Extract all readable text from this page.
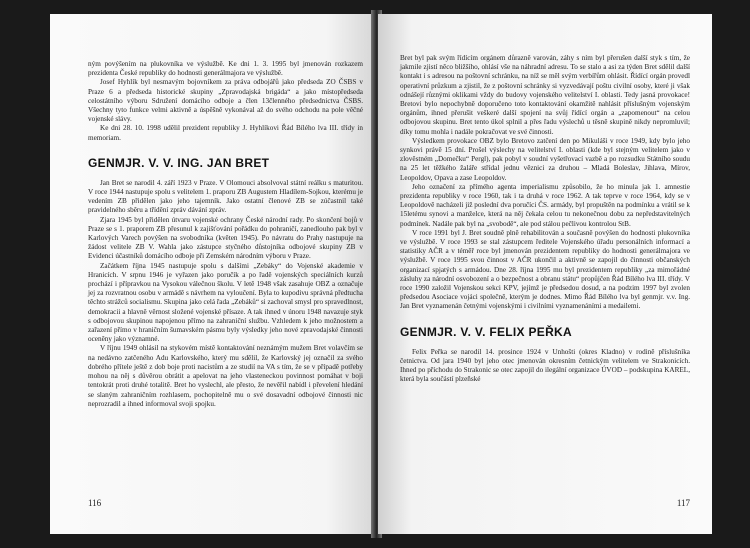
ným povýšením na plukovníka ve výslužbě. Ke dni 1. 3. 1995 byl jmenován rozkazem prezidenta České republiky do hodnosti generálmajora ve výslužbě.

Josef Hyhlík byl nesmavým bojovníkem za práva odbojářů jako předseda ZO ČSBS v Praze 6 a předseda historické skupiny „Zpravodajská brigáda“ a jako místopředseda celostátního výboru Sdružení domácího odboje a člen 13členného předsednictva ČSBS. Všechny tyto funkce velmi aktivně a úspěšně vykonával až do svého odchodu na pole věčné vojenské slávy.

Ke dni 28. 10. 1998 udělil prezident republiky J. Hyhlíkovi Řád Bílého lva III. třídy in memoriam.

GENMJR. V. V. ING. JAN BRET

Jan Bret se narodil 4. září 1923 v Praze. V Olomouci absolvoval státní reálku s maturitou. V roce 1944 nastupuje spolu s velitelem 1. praporu ZB Augustem Hladílem-Sojkou, kterému je vedením ZB přidělen jako jeho tajemník. Jako ostatní členové ZB se zúčastnil také pravidelného sběru a třídění zpráv dávání zpráv.

Zjara 1945 byl přidělen útvaru vojenské ochrany České národní rady. Po skončení bojů v Praze se s 1. praporem ZB přesunul k zajišťování pořádku do pohraničí, zanedlouho pak byl v Karlových Varech povýšen na svobodníka (květen 1945). Po návratu do Prahy nastupuje na žádost velitele ZB V. Wahla jako zástupce styčného důstojníka odbojové skupiny ZB v Evidenci účastníků domácího odboje při Zemském národním výboru v Praze.

Začátkem října 1945 nastupuje spolu s dalšími „Zebáky“ do Vojenské akademie v Hranicích. V srpnu 1946 je vyřazen jako poručík a po řadě vojenských speciálních kurzů prochází i přípravkou na Vysokou válečnou školu. V letě 1948 však zasahuje OBZ a označuje jej za rozvratnou osobu v armádě s návrhem na vyloučení. Byla to kupodivu správná předtucha těchto strážců socialismu. Skupina jako celá řada „Zebáků“ si zachoval smysl pro spravedlnost, demokracii a hlavně věrnost složené vojenské přísaze. A tak ihned v únoru 1948 navazuje styk s odbojovou skupinou napojenou přímo na zahraniční službu. Vzhledem k jeho možnostem a zařazení přímo v hraničním šumavském pásmu byly výsledky jeho nové zpravodajské činnosti oceněny jako významné.

V říjnu 1949 ohlásil na stykovém místě kontaktování neznámým mužem Bret volavčím se na nedávno zatčeného Adu Karlovského, který mu sdělil, že Karlovský jej označil za svého dobrého přítele ještě z dob boje proti nacistům a ze studií na VA s tím, že se v případě potřeby mohou na něj s důvěrou obrátit a apelovat na jeho vlasteneckou povinnost pomáhat v boji tentokrát proti druhé totalitě. Bret ho vyslechl, ale přesto, že nevěřil nabídl i převelení hledání se slaným zahraničním rozhlasem, pochopitelně mu o své dosavadní odbojové činnosti nic neprozradil a ihned informoval svoji spojku.

116

Bret byl pak svým řídícím orgánem důrazně varován, záhy s ním byl přerušen další styk s tím, že jakmile zjistí něco bližšího, ohlásí vše na náhradní adresu. To se stalo a asi za týden Bret sdělil další kontakt i s adresou na poštovní schránku, na níž se měl svým verbířům ohlásit. Řídící orgán provedl operativní průzkum a zjistil, že z poštovní schránky si vyzvedávají poštu civilní osoby, které ji však odnášejí různými oklikami vždy do budovy vojenského velitelství I. oblasti. Tedy jasná provokace! Bretovi bylo nepochybně doporučeno toto kontaktování okamžitě nahlásit příslušným vojenským orgánům, ihned přerušit veškeré další spojení na svůj řídící orgán a „zapomenout“ na celou odbojovou skupinu. Bret tento úkol splnil a přes řadu výslechů u těsně skupině nikdy nepromluvil; díky tomu mohla i nadále pokračovat ve své činnosti.

Výsledkem provokace OBZ bylo Bretovo zatčení den po Mikuláši v roce 1949, kdy bylo jeho synkovi právě 15 dní. Prošel výslechy na velitelství I. oblasti (kde byl stejným velitelem jako v zlověstném „Domečku“ Pergl), pak pobyl v soudní vyšetřovací vazbě a po rozsudku Státního soudu na 25 let těžkého žaláře střídal jednu věznici za druhou – Mladá Boleslav, Jihlava, Mírov, Leopoldov, Opava a zase Leopoldov.

Jeho označení za přímého agenta imperialismu způsobilo, že ho minula jak 1. amnestie prezidenta republiky v roce 1960, tak i ta druhá v roce 1962. A tak teprve v roce 1964, kdy se v Leopoldově nacházeli již poslední dva poručíci ČS. armády, byl propuštěn na podmínku a vrátil se k 15letému synovi a manželce, která na něj čekala celou tu nekonečnou dobu za nepředstavitelných podmínek. Nadále pak byl na „svobodě“, ale pod stálou pečlivou kontrolou StB.

V roce 1991 byl J. Bret soudně plně rehabilitován a současně povýšen do hodnosti plukovníka ve výslužbě. V roce 1993 se stal zástupcem ředitele Vojenského úřadu personálních informací a statistiky AČR a v téměř roce byl jmenován prezidentem republiky do hodnosti generálmajora ve výslužbě. V roce 1995 svou činnost v AČR ukončil a aktivně se zapojil do činnosti občanských organizací spjatých s armádou. Dne 28. října 1995 mu byl prezidentem republiky „za mimořádné zásluhy za národní osvobození a o bezpečnost a obranu státu“ propůjčen Řád Bílého lva III. třídy. V roce 1990 založil Vojenskou sekci KPV, jejímž je předsedou dosud, a na podzim 1997 byl zvolen předsedou Asociace vojáci společně, kterým je dodnes. Mimo Řád Bílého lva byl genmjr. v.v. Ing. Jan Bret vyznamenán četnými vojenskými i civilními vyznamenáními a medailemi.

GENMJR. V. V. FELIX PEŘKA

Felix Peřka se narodil 14. prosince 1924 v Unhošti (okres Kladno) v rodině příslušníka četnictva. Od jara 1940 byl jeho otec jmenován okresním četnickým velitelem ve Strakonicích. Ihned po příchodu do Strakonic se otec zapojil do ilegální organizace ÚVOD – podskupina KAREL, která byla součástí plzeňské

117
